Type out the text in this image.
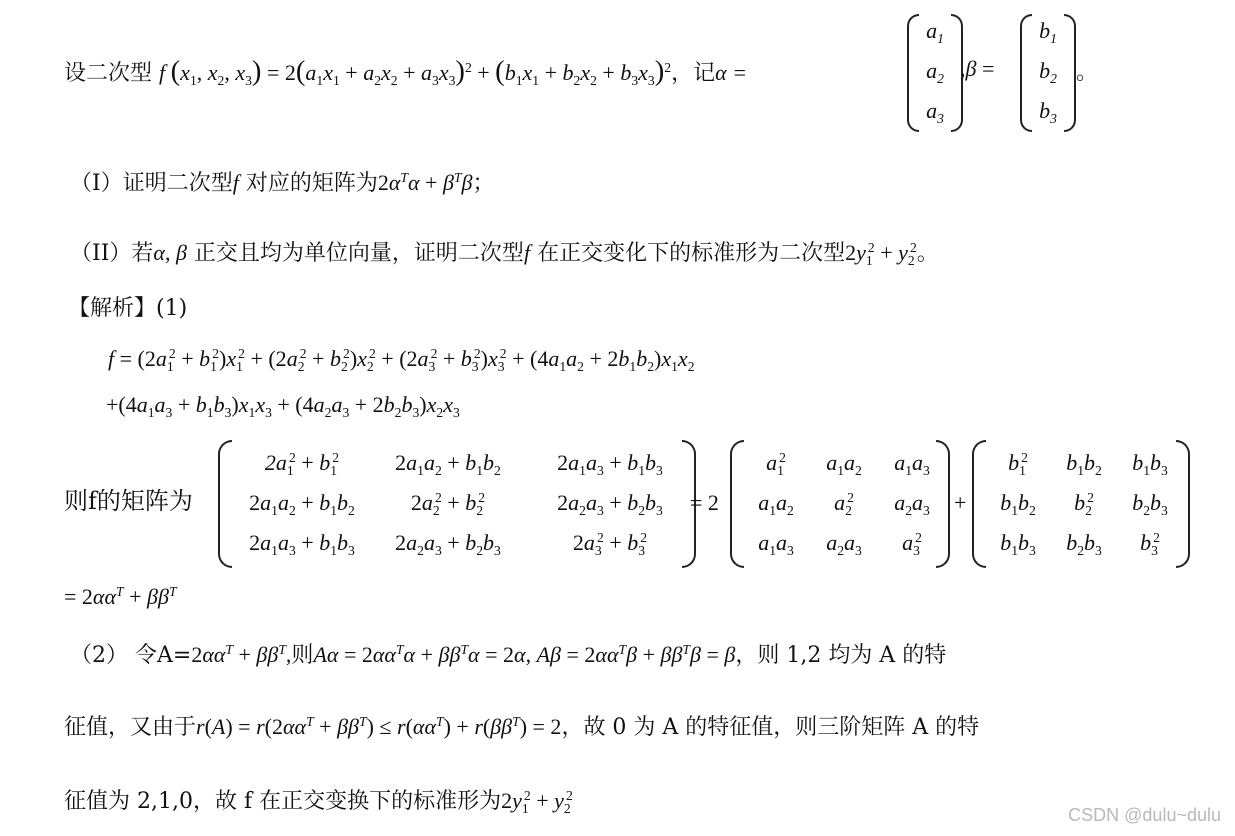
设二次型 f ($x_1$, $x_2$, $x_3) = 2(a_1x_1 + a_2x_2 + a_3x_3)^2 + (b_1x_1 + b_2x_2 + b_3x_3)^2$，记α =
$a_1$
$a_2$
$a_3$
,β =
$b_1$
$b_2$
$b_3$
。
（I）证明二次型f 对应的矩阵为$2\alpha^T\alpha + \beta^T\beta$；
（II）若α, β 正交且均为单位向量，证明二次型f 在正交变化下的标准形为二次型$2y_1^2 + y_2^2$。
【解析】(1)
$f = (2a_1^2 + b_1^2)x_1^2 + (2a_2^2 + b_2^2)x_2^2 + (2a_3^2 + b_3^2)x_3^2 + (4a_1a_2 + 2b_1b_2)x_1x_2$
$+(4a_1a_3 + b_1b_3)x_1x_3 + (4a_2a_3 + 2b_2b_3)x_2x_3$
则f的矩阵为
$2a_1^2 + b_1^2$	$2a_1a_2 + b_1b_2$	$2a_1a_3 + b_1b_3$
$2a_1a_2 + b_1b_2$	$2a_2^2 + b_2^2$	$2a_2a_3 + b_2b_3$
$2a_1a_3 + b_1b_3$	$2a_2a_3 + b_2b_3$	$2a_3^2 + b_3^2$
= 2
$a_1^2$	$a_1a_2$	$a_1a_3$
$a_1a_2$	$a_2^2$	$a_2a_3$
$a_1a_3$	$a_2a_3$	$a_3^2$
+
$b_1^2$	$b_1b_2$	$b_1b_3$
$b_1b_2$	$b_2^2$	$b_2b_3$
$b_1b_3$	$b_2b_3$	$b_3^2$
= $2\alpha\alpha^T + \beta\beta^T$
（2） 令$A=2\alpha\alpha^T + \beta\beta^T$,则$A\alpha = 2\alpha\alpha^T\alpha + \beta\beta^T\alpha = 2\alpha$, $A\beta = 2\alpha\alpha^T\beta + \beta\beta^T\beta = \beta$，则 1,2 均为 A 的特
征值，又由于$r(A) = r(2\alpha\alpha^T + \beta\beta^T) \le r(\alpha\alpha^T) + r(\beta\beta^T) = 2$，故 0 为 A 的特征值，则三阶矩阵 A 的特
征值为 2,1,0，故 f 在正交变换下的标准形为$2y_1^2 + y_2^2$
CSDN @dulu~dulu
